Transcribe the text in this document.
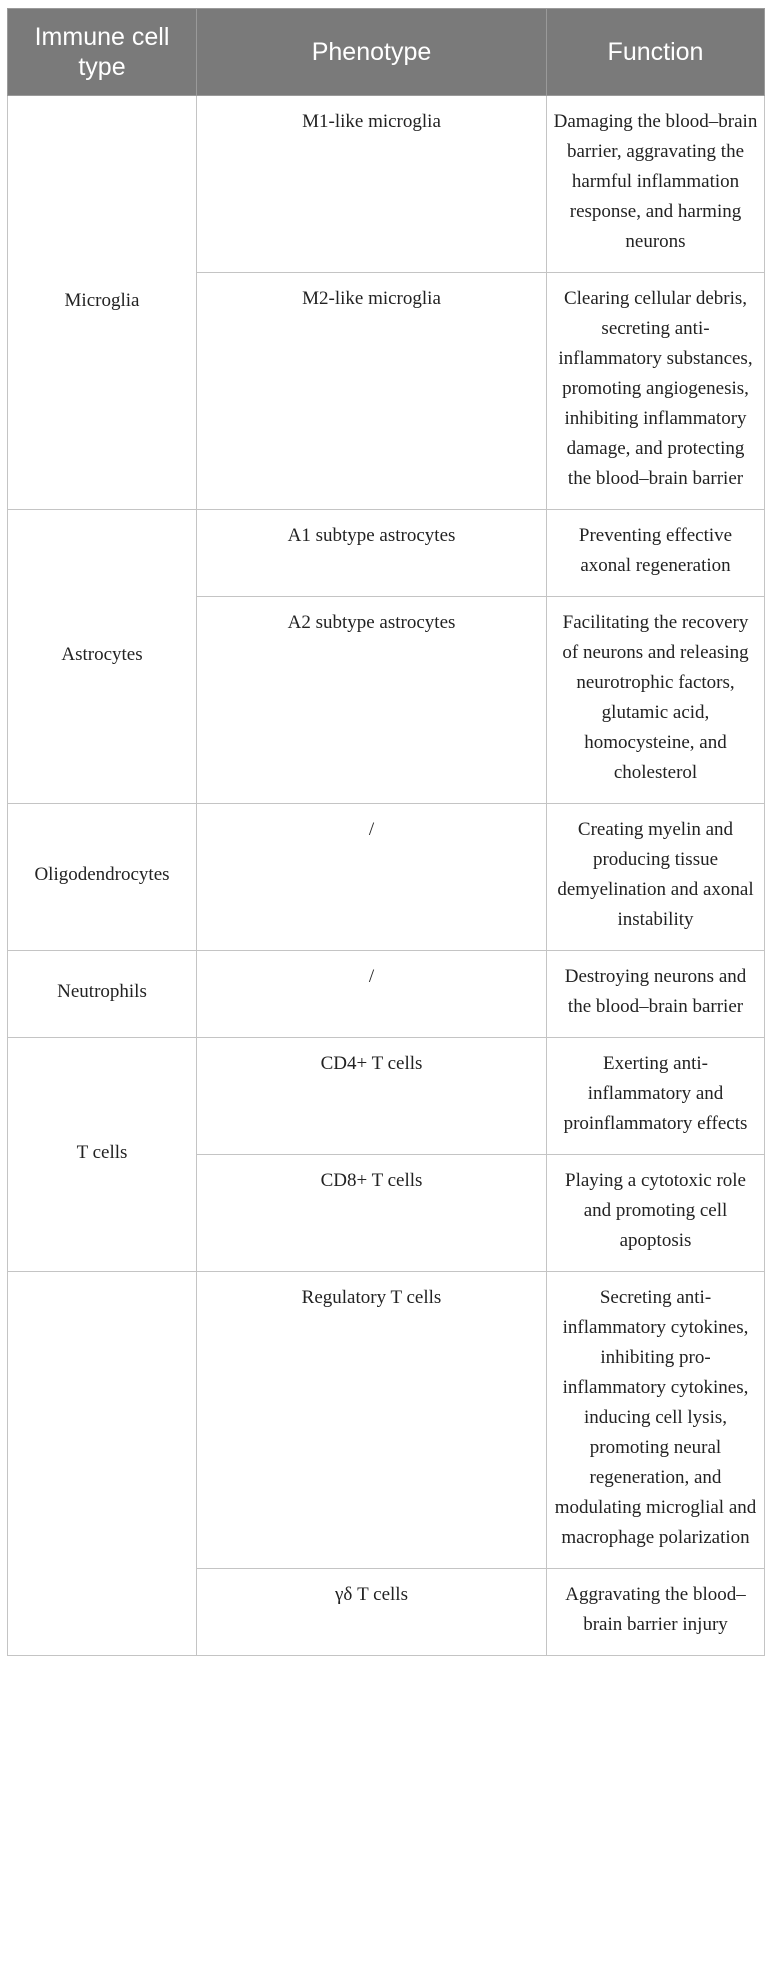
Immune cell type	Phenotype	Function
Microglia	M1-like microglia	Damaging the blood–brain barrier, aggravating the harmful inflammation response, and harming neurons
	M2-like microglia	Clearing cellular debris, secreting anti-inflammatory substances, promoting angiogenesis, inhibiting inflammatory damage, and protecting the blood–brain barrier
Astrocytes	A1 subtype astrocytes	Preventing effective axonal regeneration
	A2 subtype astrocytes	Facilitating the recovery of neurons and releasing neurotrophic factors, glutamic acid, homocysteine, and cholesterol
Oligodendrocytes	/	Creating myelin and producing tissue demyelination and axonal instability
Neutrophils	/	Destroying neurons and the blood–brain barrier
T cells	CD4+ T cells	Exerting anti-inflammatory and proinflammatory effects
	CD8+ T cells	Playing a cytotoxic role and promoting cell apoptosis
	Regulatory T cells	Secreting anti-inflammatory cytokines, inhibiting pro-inflammatory cytokines, inducing cell lysis, promoting neural regeneration, and modulating microglial and macrophage polarization
	γδ T cells	Aggravating the blood–brain barrier injury
